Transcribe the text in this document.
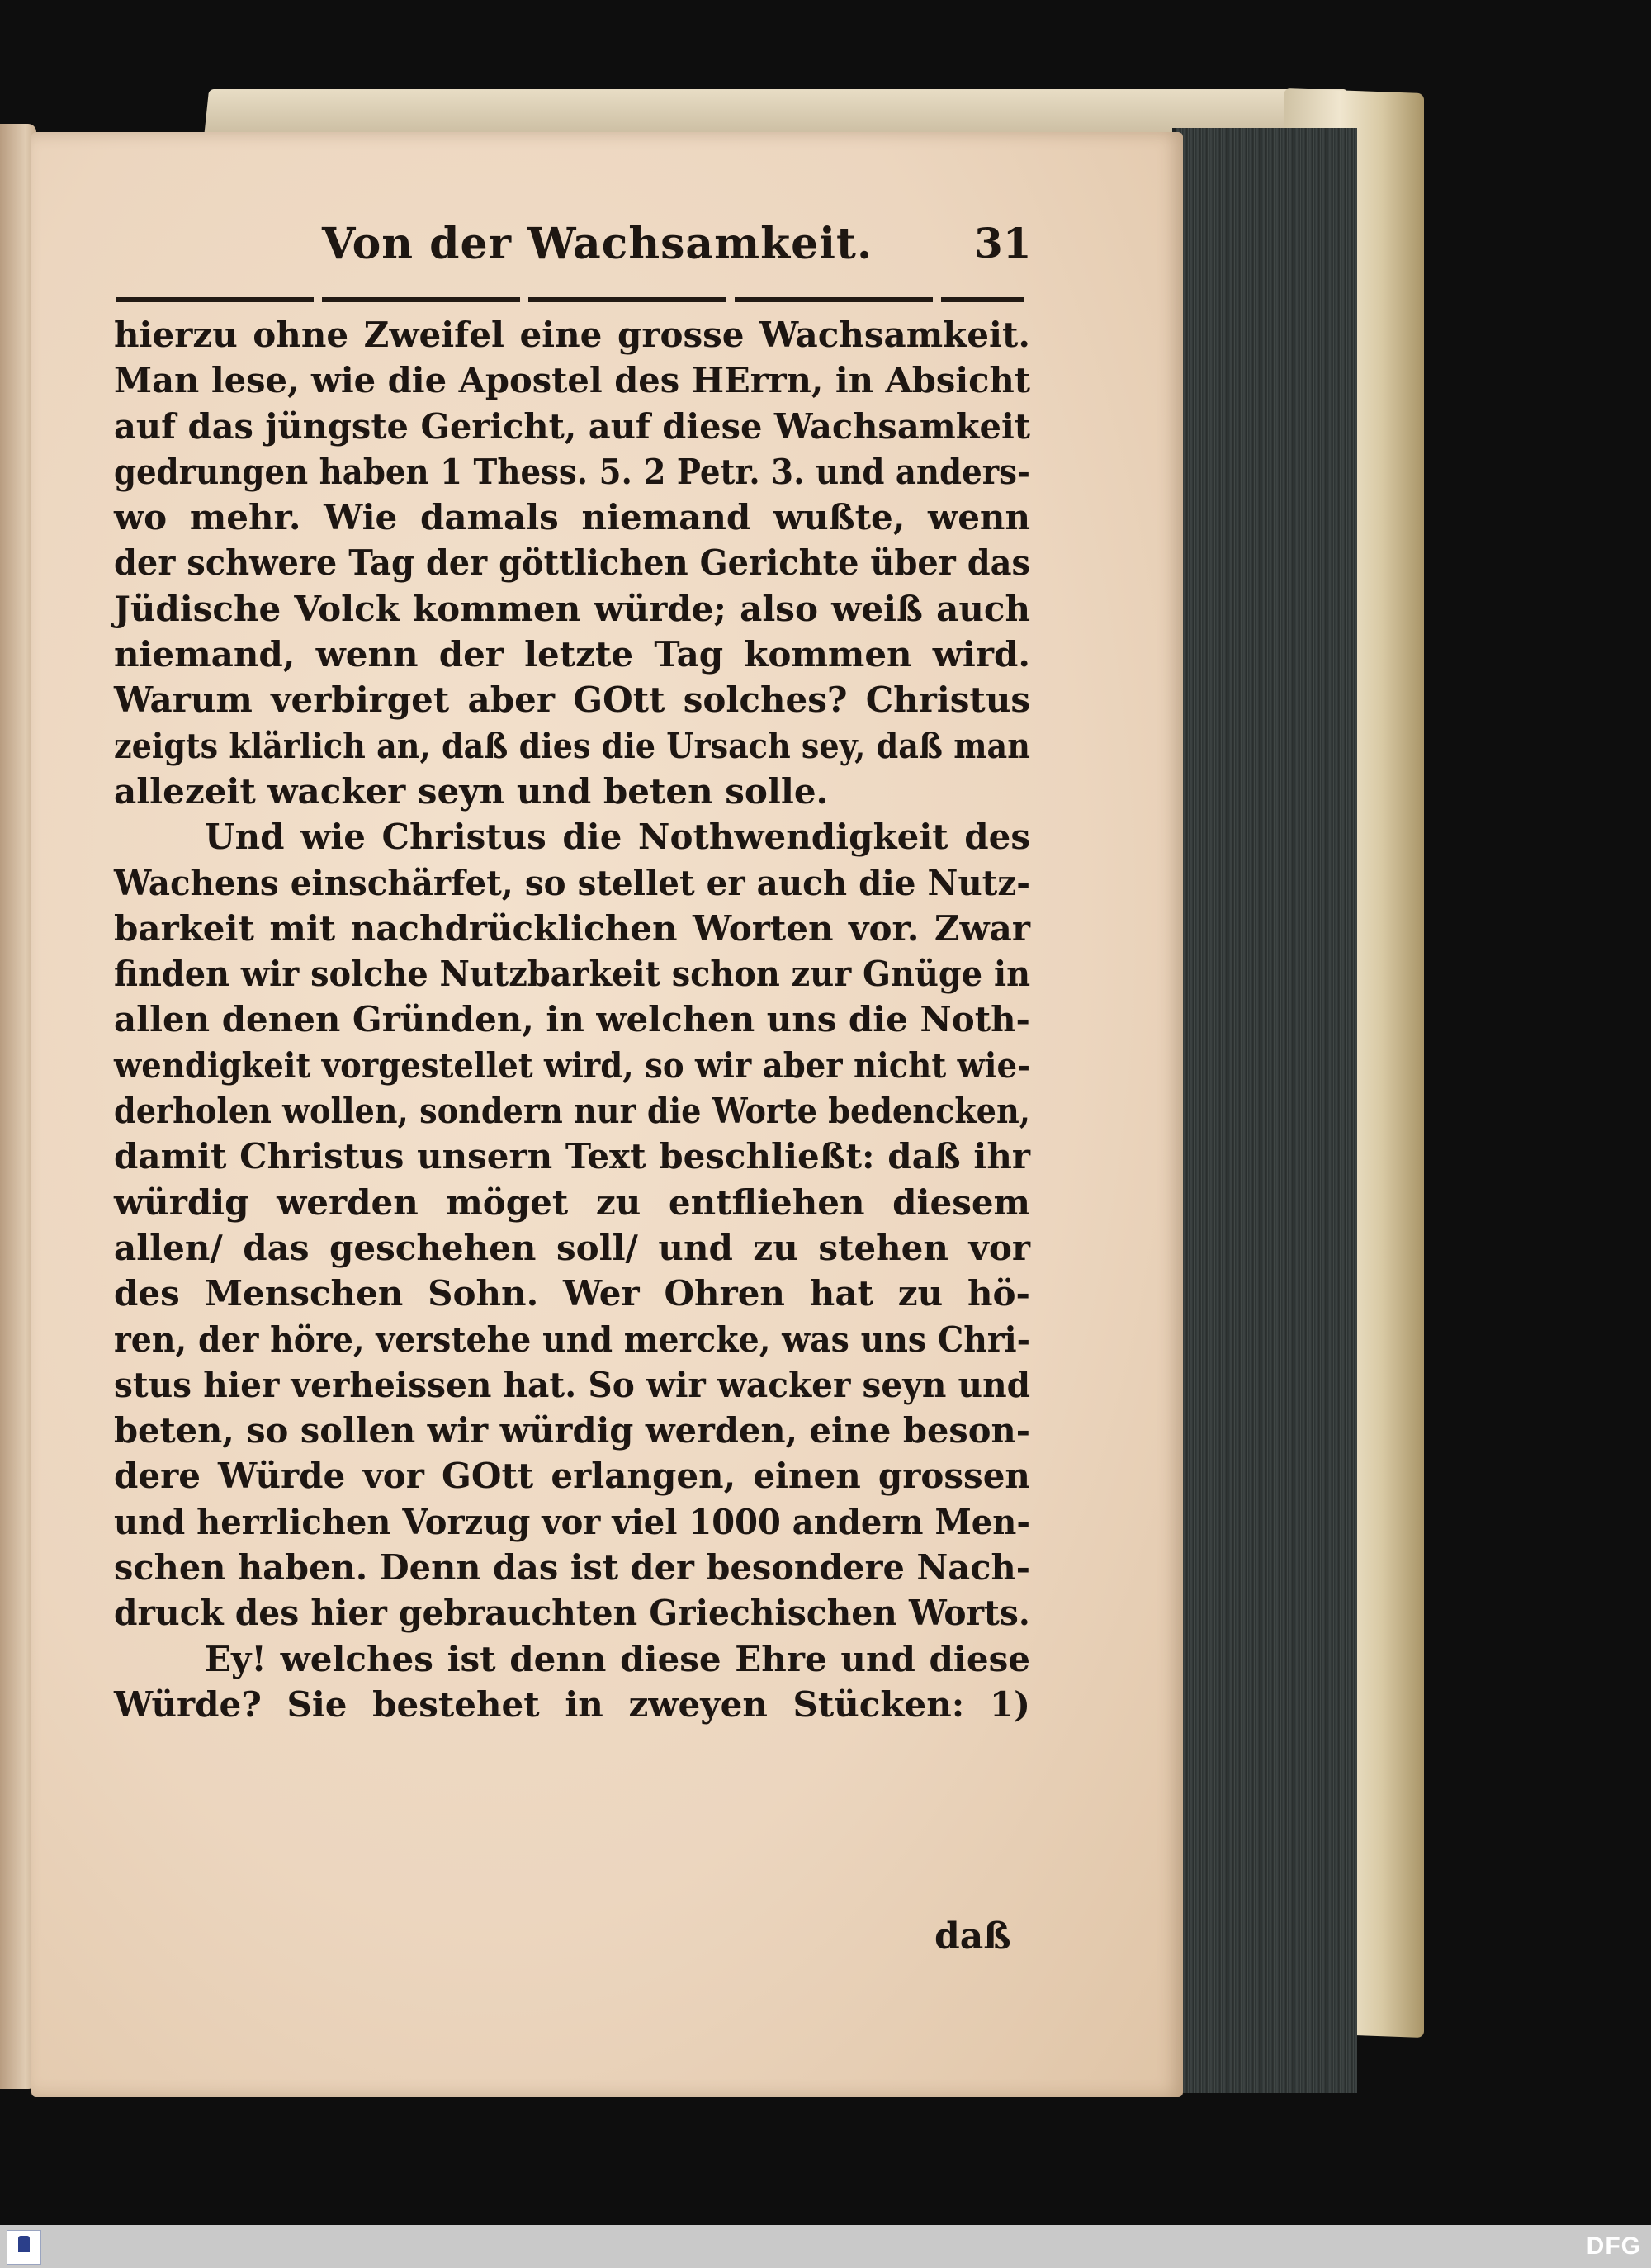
Von der Wachsamkeit. 31
hierzu ohne Zweifel eine grosse Wachsamkeit.
Man lese, wie die Apostel des HErrn, in Absicht
auf das jüngste Gericht, auf diese Wachsamkeit
gedrungen haben 1 Thess. 5. 2 Petr. 3. und anders-
wo mehr. Wie damals niemand wußte, wenn
der schwere Tag der göttlichen Gerichte über das
Jüdische Volck kommen würde; also weiß auch
niemand, wenn der letzte Tag kommen wird.
Warum verbirget aber GOtt solches? Christus
zeigts klärlich an, daß dies die Ursach sey, daß man
allezeit wacker seyn und beten solle.
Und wie Christus die Nothwendigkeit des
Wachens einschärfet, so stellet er auch die Nutz-
barkeit mit nachdrücklichen Worten vor. Zwar
finden wir solche Nutzbarkeit schon zur Gnüge in
allen denen Gründen, in welchen uns die Noth-
wendigkeit vorgestellet wird, so wir aber nicht wie-
derholen wollen, sondern nur die Worte bedencken,
damit Christus unsern Text beschließt: daß ihr
würdig werden möget zu entfliehen diesem
allen/ das geschehen soll/ und zu stehen vor
des Menschen Sohn. Wer Ohren hat zu hö-
ren, der höre, verstehe und mercke, was uns Chri-
stus hier verheissen hat. So wir wacker seyn und
beten, so sollen wir würdig werden, eine beson-
dere Würde vor GOtt erlangen, einen grossen
und herrlichen Vorzug vor viel 1000 andern Men-
schen haben. Denn das ist der besondere Nach-
druck des hier gebrauchten Griechischen Worts.
Ey! welches ist denn diese Ehre und diese
Würde? Sie bestehet in zweyen Stücken: 1)
daß
DFG
